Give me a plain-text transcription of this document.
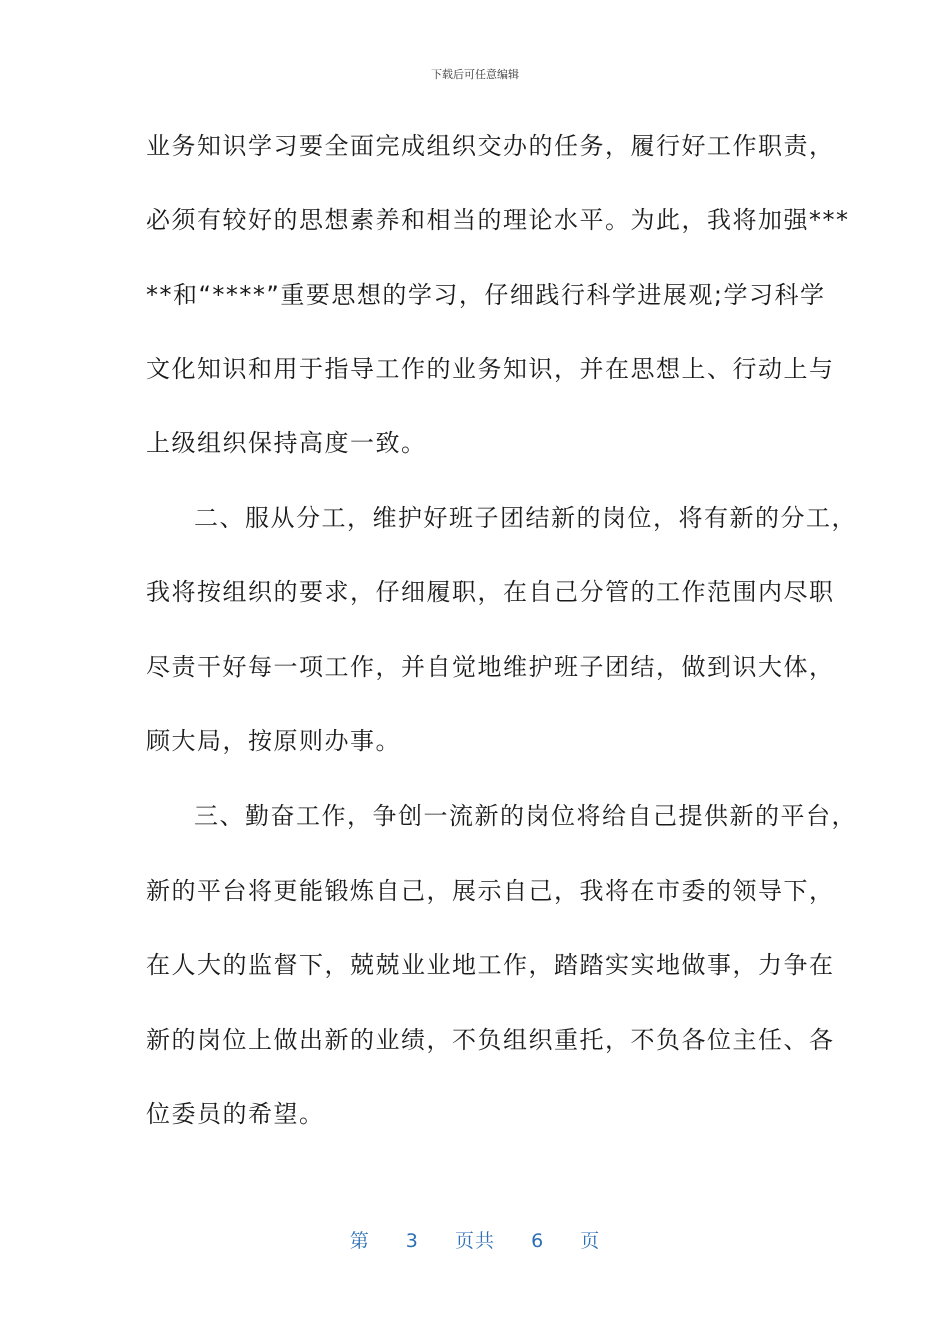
下载后可任意编辑
业务知识学习要全面完成组织交办的任务，履行好工作职责，
必须有较好的思想素养和相当的理论水平。为此，我将加强***
**和“****”重要思想的学习，仔细践行科学进展观;学习科学
文化知识和用于指导工作的业务知识，并在思想上、行动上与
上级组织保持高度一致。
二、服从分工，维护好班子团结新的岗位，将有新的分工，
我将按组织的要求，仔细履职，在自己分管的工作范围内尽职
尽责干好每一项工作，并自觉地维护班子团结，做到识大体，
顾大局，按原则办事。
三、勤奋工作，争创一流新的岗位将给自己提供新的平台，
新的平台将更能锻炼自己，展示自己，我将在市委的领导下，
在人大的监督下，兢兢业业地工作，踏踏实实地做事，力争在
新的岗位上做出新的业绩，不负组织重托，不负各位主任、各
位委员的希望。
第 3 页共 6 页
